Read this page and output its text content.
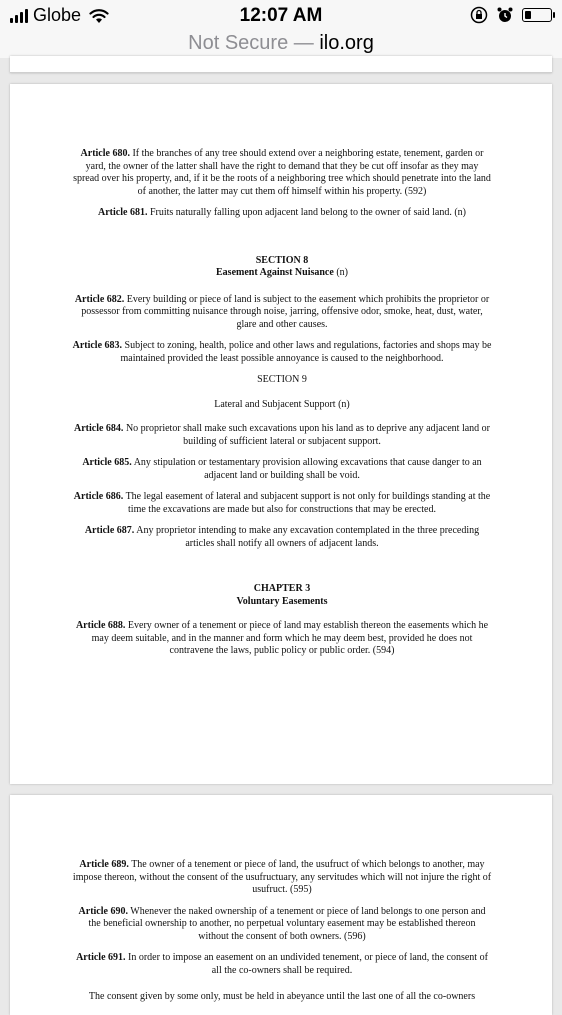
Globe	12:07 AM
Not Secure — ilo.org

Article 680. If the branches of any tree should extend over a neighboring estate, tenement, garden or yard, the owner of the latter shall have the right to demand that they be cut off insofar as they may spread over his property, and, if it be the roots of a neighboring tree which should penetrate into the land of another, the latter may cut them off himself within his property. (592)

Article 681. Fruits naturally falling upon adjacent land belong to the owner of said land. (n)

SECTION 8

Easement Against Nuisance (n)

Article 682. Every building or piece of land is subject to the easement which prohibits the proprietor or possessor from committing nuisance through noise, jarring, offensive odor, smoke, heat, dust, water, glare and other causes.

Article 683. Subject to zoning, health, police and other laws and regulations, factories and shops may be maintained provided the least possible annoyance is caused to the neighborhood.

SECTION 9

Lateral and Subjacent Support (n)

Article 684. No proprietor shall make such excavations upon his land as to deprive any adjacent land or building of sufficient lateral or subjacent support.

Article 685. Any stipulation or testamentary provision allowing excavations that cause danger to an adjacent land or building shall be void.

Article 686. The legal easement of lateral and subjacent support is not only for buildings standing at the time the excavations are made but also for constructions that may be erected.

Article 687. Any proprietor intending to make any excavation contemplated in the three preceding articles shall notify all owners of adjacent lands.

CHAPTER 3

Voluntary Easements

Article 688. Every owner of a tenement or piece of land may establish thereon the easements which he may deem suitable, and in the manner and form which he may deem best, provided he does not contravene the laws, public policy or public order. (594)

Article 689. The owner of a tenement or piece of land, the usufruct of which belongs to another, may impose thereon, without the consent of the usufructuary, any servitudes which will not injure the right of usufruct. (595)

Article 690. Whenever the naked ownership of a tenement or piece of land belongs to one person and the beneficial ownership to another, no perpetual voluntary easement may be established thereon without the consent of both owners. (596)

Article 691. In order to impose an easement on an undivided tenement, or piece of land, the consent of all the co-owners shall be required.

The consent given by some only, must be held in abeyance until the last one of all the co-owners
